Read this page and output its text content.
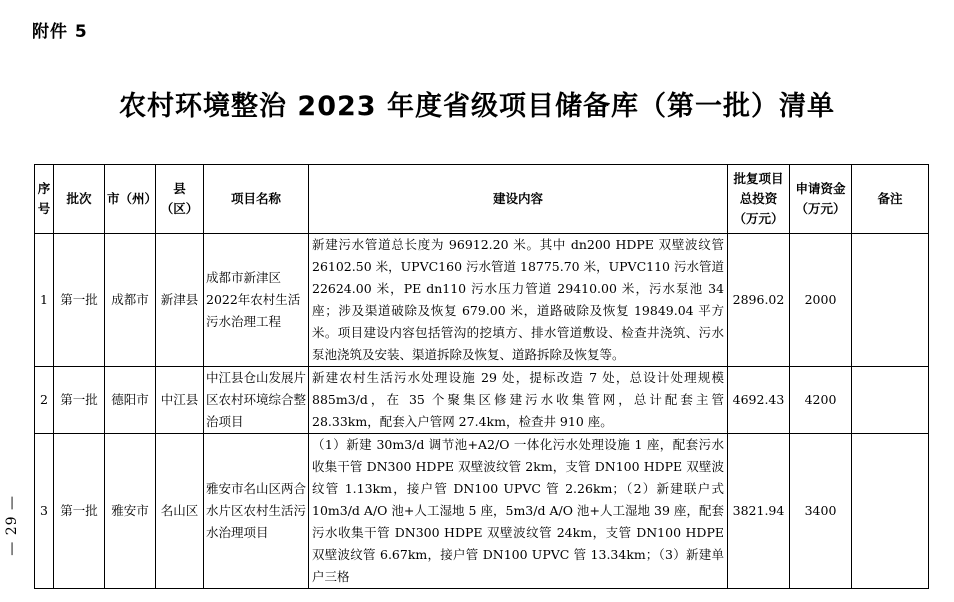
附件 5
农村环境整治 2023 年度省级项目储备库（第一批）清单
— 29 —
序号	批次	市（州）	县（区）	项目名称	建设内容	批复项目总投资（万元）	申请资金（万元）	备注
1	第一批	成都市	新津县	成都市新津区2022年农村生活污水治理工程	新建污水管道总长度为 96912.20 米。其中 dn200 HDPE 双壁波纹管 26102.50 米，UPVC160 污水管道 18775.70 米，UPVC110 污水管道 22624.00 米，PE dn110 污水压力管道 29410.00 米，污水泵池 34 座；涉及渠道破除及恢复 679.00 米，道路破除及恢复 19849.04 平方米。项目建设内容包括管沟的挖填方、排水管道敷设、检查井浇筑、污水泵池浇筑及安装、渠道拆除及恢复、道路拆除及恢复等。	2896.02	2000	
2	第一批	德阳市	中江县	中江县仓山发展片区农村环境综合整治项目	新建农村生活污水处理设施 29 处，提标改造 7 处，总设计处理规模 885m3/d，在 35 个聚集区修建污水收集管网，总计配套主管 28.33km，配套入户管网 27.4km，检查井 910 座。	4692.43	4200	
3	第一批	雅安市	名山区	雅安市名山区两合水片区农村生活污水治理项目	（1）新建 30m3/d 调节池+A2/O 一体化污水处理设施 1 座，配套污水收集干管 DN300 HDPE 双壁波纹管 2km，支管 DN100 HDPE 双壁波纹管 1.13km，接户管 DN100 UPVC 管 2.26km；（2）新建联户式 10m3/d A/O 池+人工湿地 5 座，5m3/d A/O 池+人工湿地 39 座，配套污水收集干管 DN300 HDPE 双壁波纹管 24km，支管 DN100 HDPE 双壁波纹管 6.67km，接户管 DN100 UPVC 管 13.34km；（3）新建单户三格	3821.94	3400	
